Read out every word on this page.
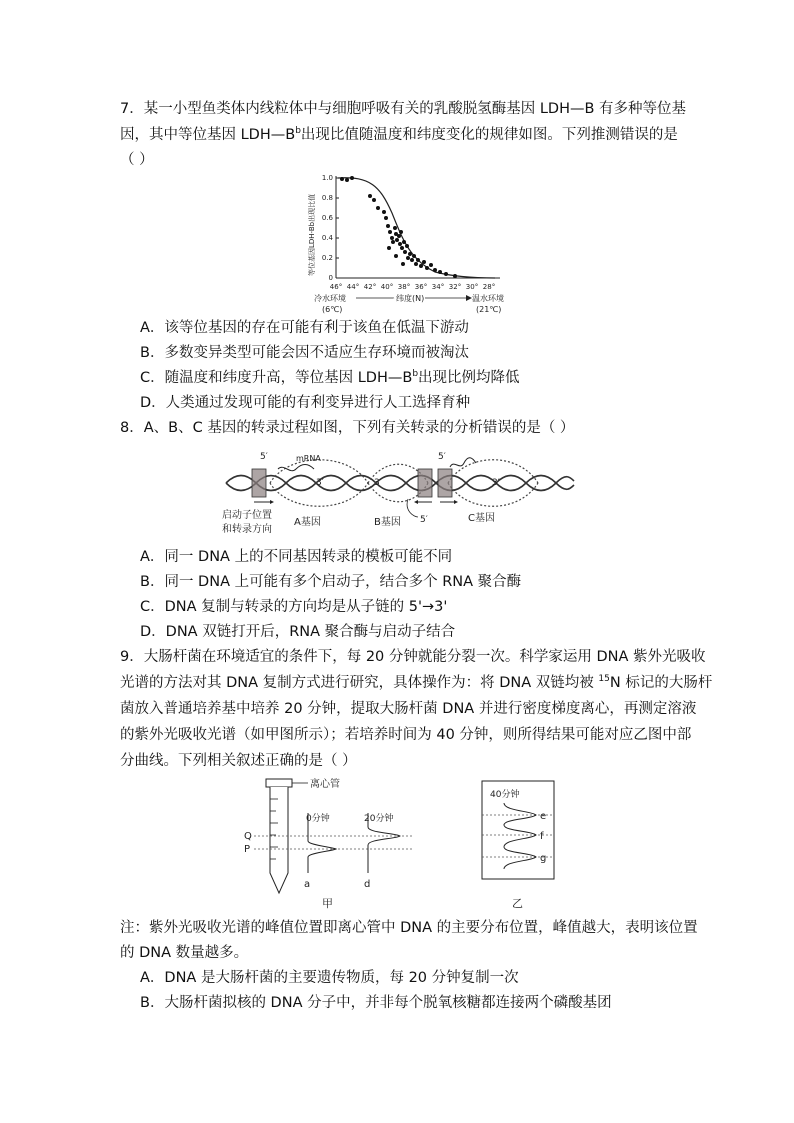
7．某一小型鱼类体内线粒体中与细胞呼吸有关的乳酸脱氢酶基因 LDH—B 有多种等位基
因，其中等位基因 $LDH—B^b$出现比值随温度和纬度变化的规律如图。下列推测错误的是
（ ）
0
0.2
0.4
0.6
0.8
1.0
等位基因LDH-Bb出现比值
46° 44° 42° 40° 38° 36° 34° 32° 30° 28°
冷水环境
(6℃)
纬度(N)	温水环境
(21℃)
A．该等位基因的存在可能有利于该鱼在低温下游动
B．多数变异类型可能会因不适应生存环境而被淘汰
C．随温度和纬度升高，等位基因 $LDH—B^b$出现比例均降低
D．人类通过发现可能的有利变异进行人工选择育种
8．A、B、C 基因的转录过程如图，下列有关转录的分析错误的是（ ）
5′	mRNA
3′	3′
5′
3′
5′
启动子位置
和转录方向
A基因	B基因	C基因
A．同一 DNA 上的不同基因转录的模板可能不同
B．同一 DNA 上可能有多个启动子，结合多个 RNA 聚合酶
C．DNA 复制与转录的方向均是从子链的 5'→3'
D．DNA 双链打开后，RNA 聚合酶与启动子结合
9．大肠杆菌在环境适宜的条件下，每 20 分钟就能分裂一次。科学家运用 DNA 紫外光吸收
光谱的方法对其 DNA 复制方式进行研究，具体操作为：将 DNA 双链均被 $^{15}$N 标记的大肠杆
菌放入普通培养基中培养 20 分钟，提取大肠杆菌 DNA 并进行密度梯度离心，再测定溶液
的紫外光吸收光谱（如甲图所示）；若培养时间为 40 分钟，则所得结果可能对应乙图中部
分曲线。下列相关叙述正确的是（ ）
离心管
Q
P
0分钟
a
20分钟
d
甲
40分钟
e
f
g
乙
注：紫外光吸收光谱的峰值位置即离心管中 DNA 的主要分布位置，峰值越大，表明该位置
的 DNA 数量越多。
A．DNA 是大肠杆菌的主要遗传物质，每 20 分钟复制一次
B．大肠杆菌拟核的 DNA 分子中，并非每个脱氧核糖都连接两个磷酸基团
